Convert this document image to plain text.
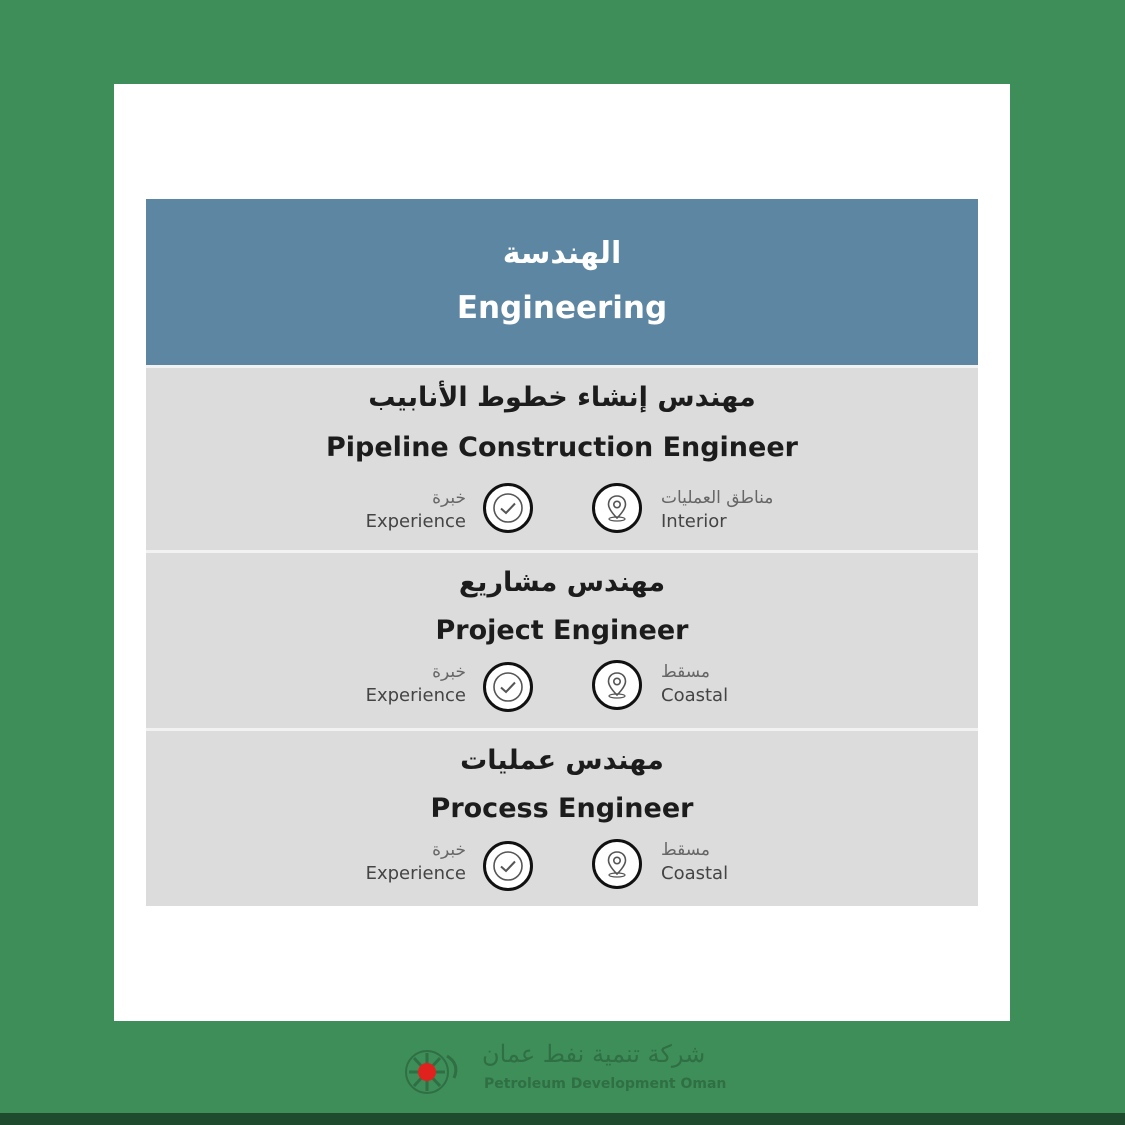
الهندسة
Engineering
مهندس إنشاء خطوط الأنابيب
Pipeline Construction Engineer
خبرة
Experience
مناطق العمليات
Interior
مهندس مشاريع
Project Engineer
خبرة
Experience
مسقط
Coastal
مهندس عمليات
Process Engineer
خبرة
Experience
مسقط
Coastal
شركة تنمية نفط عمان
Petroleum Development Oman
